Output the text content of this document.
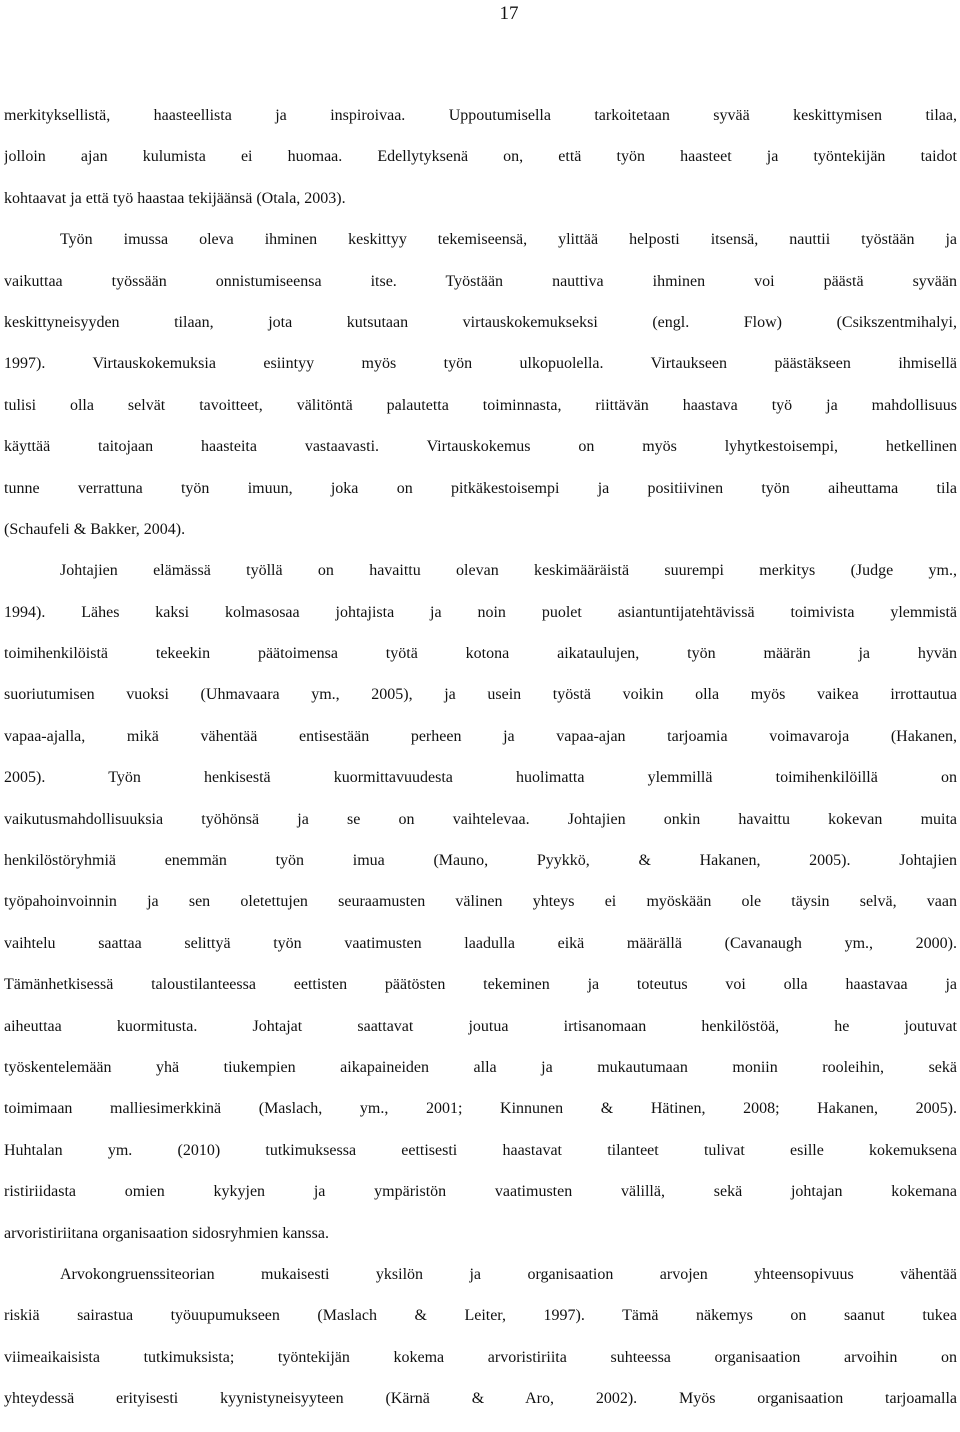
17
merkityksellistä, haasteellista ja inspiroivaa. Uppoutumisella tarkoitetaan syvää keskittymisen tilaa,
jolloin ajan kulumista ei huomaa. Edellytyksenä on, että työn haasteet ja työntekijän taidot
kohtaavat ja että työ haastaa tekijäänsä (Otala, 2003).
Työn imussa oleva ihminen keskittyy tekemiseensä, ylittää helposti itsensä, nauttii työstään ja
vaikuttaa työssään onnistumiseensa itse. Työstään nauttiva ihminen voi päästä syvään
keskittyneisyyden tilaan, jota kutsutaan virtauskokemukseksi (engl. Flow) (Csikszentmihalyi,
1997). Virtauskokemuksia esiintyy myös työn ulkopuolella. Virtaukseen päästäkseen ihmisellä
tulisi olla selvät tavoitteet, välitöntä palautetta toiminnasta, riittävän haastava työ ja mahdollisuus
käyttää taitojaan haasteita vastaavasti. Virtauskokemus on myös lyhytkestoisempi, hetkellinen
tunne verrattuna työn imuun, joka on pitkäkestoisempi ja positiivinen työn aiheuttama tila
(Schaufeli & Bakker, 2004).
Johtajien elämässä työllä on havaittu olevan keskimääräistä suurempi merkitys (Judge ym.,
1994). Lähes kaksi kolmasosaa johtajista ja noin puolet asiantuntijatehtävissä toimivista ylemmistä
toimihenkilöistä tekeekin päätoimensa työtä kotona aikataulujen, työn määrän ja hyvän
suoriutumisen vuoksi (Uhmavaara ym., 2005), ja usein työstä voikin olla myös vaikea irrottautua
vapaa-ajalla, mikä vähentää entisestään perheen ja vapaa-ajan tarjoamia voimavaroja (Hakanen,
2005). Työn henkisestä kuormittavuudesta huolimatta ylemmillä toimihenkilöillä on
vaikutusmahdollisuuksia työhönsä ja se on vaihtelevaa. Johtajien onkin havaittu kokevan muita
henkilöstöryhmiä enemmän työn imua (Mauno, Pyykkö, & Hakanen, 2005). Johtajien
työpahoinvoinnin ja sen oletettujen seuraamusten välinen yhteys ei myöskään ole täysin selvä, vaan
vaihtelu saattaa selittyä työn vaatimusten laadulla eikä määrällä (Cavanaugh ym., 2000).
Tämänhetkisessä taloustilanteessa eettisten päätösten tekeminen ja toteutus voi olla haastavaa ja
aiheuttaa kuormitusta. Johtajat saattavat joutua irtisanomaan henkilöstöä, he joutuvat
työskentelemään yhä tiukempien aikapaineiden alla ja mukautumaan moniin rooleihin, sekä
toimimaan malliesimerkkinä (Maslach, ym., 2001; Kinnunen & Hätinen, 2008; Hakanen, 2005).
Huhtalan ym. (2010) tutkimuksessa eettisesti haastavat tilanteet tulivat esille kokemuksena
ristiriidasta omien kykyjen ja ympäristön vaatimusten välillä, sekä johtajan kokemana
arvoristiriitana organisaation sidosryhmien kanssa.
Arvokongruenssiteorian mukaisesti yksilön ja organisaation arvojen yhteensopivuus vähentää
riskiä sairastua työuupumukseen (Maslach & Leiter, 1997). Tämä näkemys on saanut tukea
viimeaikaisista tutkimuksista; työntekijän kokema arvoristiriita suhteessa organisaation arvoihin on
yhteydessä erityisesti kyynistyneisyyteen (Kärnä & Aro, 2002). Myös organisaation tarjoamalla
